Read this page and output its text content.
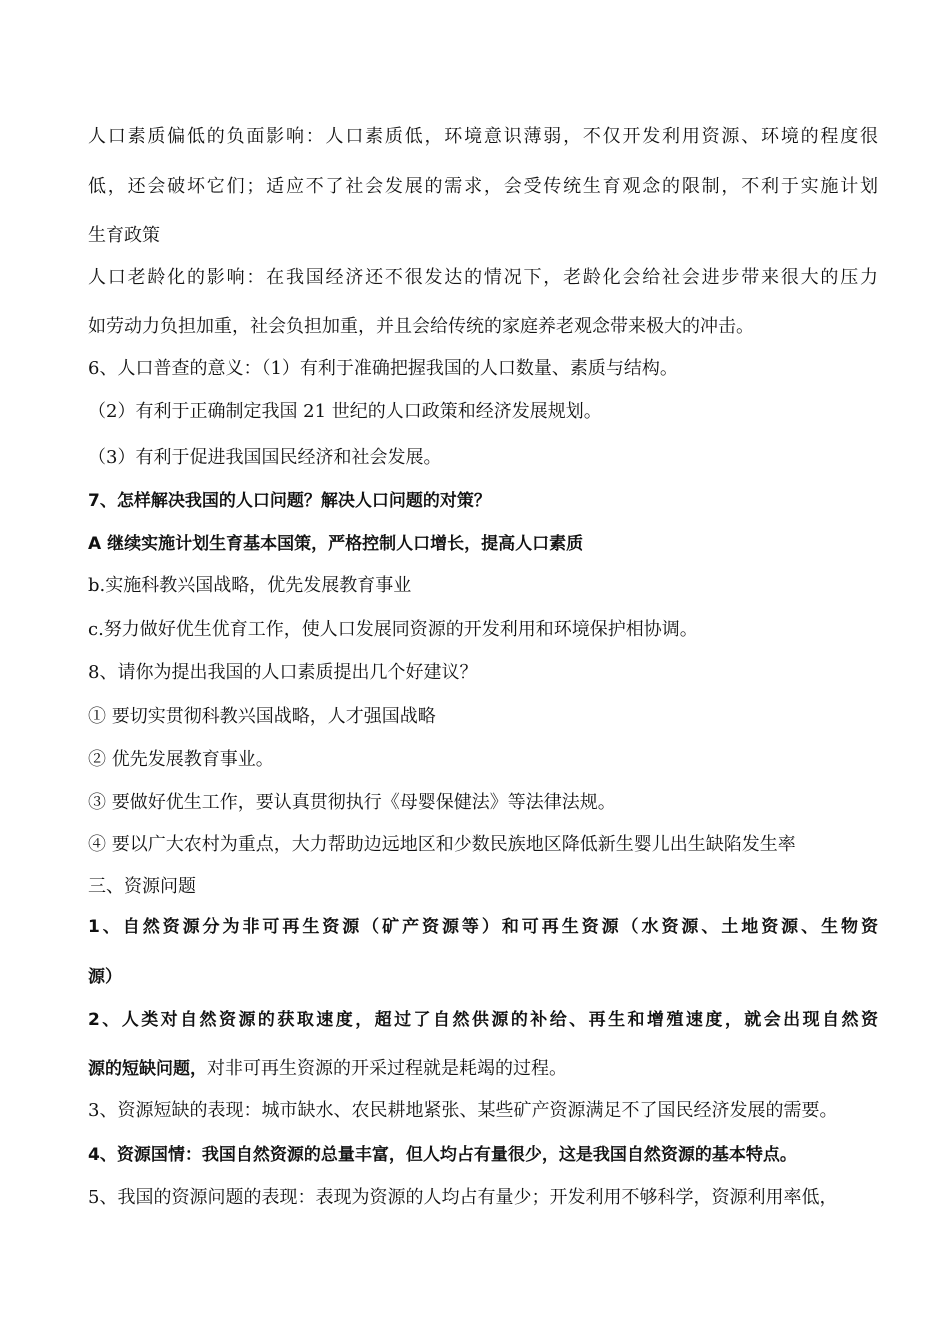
人口素质偏低的负面影响：人口素质低，环境意识薄弱，不仅开发利用资源、环境的程度很
低，还会破坏它们；适应不了社会发展的需求，会受传统生育观念的限制，不利于实施计划
生育政策
人口老龄化的影响：在我国经济还不很发达的情况下，老龄化会给社会进步带来很大的压力
如劳动力负担加重，社会负担加重，并且会给传统的家庭养老观念带来极大的冲击。
6、人口普查的意义：（1）有利于准确把握我国的人口数量、素质与结构。
（2）有利于正确制定我国 21 世纪的人口政策和经济发展规划。
（3）有利于促进我国国民经济和社会发展。
7、怎样解决我国的人口问题？解决人口问题的对策？
A 继续实施计划生育基本国策，严格控制人口增长，提高人口素质
b.实施科教兴国战略，优先发展教育事业
c.努力做好优生优育工作，使人口发展同资源的开发利用和环境保护相协调。
8、请你为提出我国的人口素质提出几个好建议？
① 要切实贯彻科教兴国战略，人才强国战略
② 优先发展教育事业。
③ 要做好优生工作，要认真贯彻执行《母婴保健法》等法律法规。
④ 要以广大农村为重点，大力帮助边远地区和少数民族地区降低新生婴儿出生缺陷发生率
三、资源问题
1、自然资源分为非可再生资源（矿产资源等）和可再生资源（水资源、土地资源、生物资
源）
2、人类对自然资源的获取速度，超过了自然供源的补给、再生和增殖速度，就会出现自然资
源的短缺问题，对非可再生资源的开采过程就是耗竭的过程。
3、资源短缺的表现：城市缺水、农民耕地紧张、某些矿产资源满足不了国民经济发展的需要。
4、资源国情：我国自然资源的总量丰富，但人均占有量很少，这是我国自然资源的基本特点。
5、我国的资源问题的表现：表现为资源的人均占有量少；开发利用不够科学，资源利用率低，
